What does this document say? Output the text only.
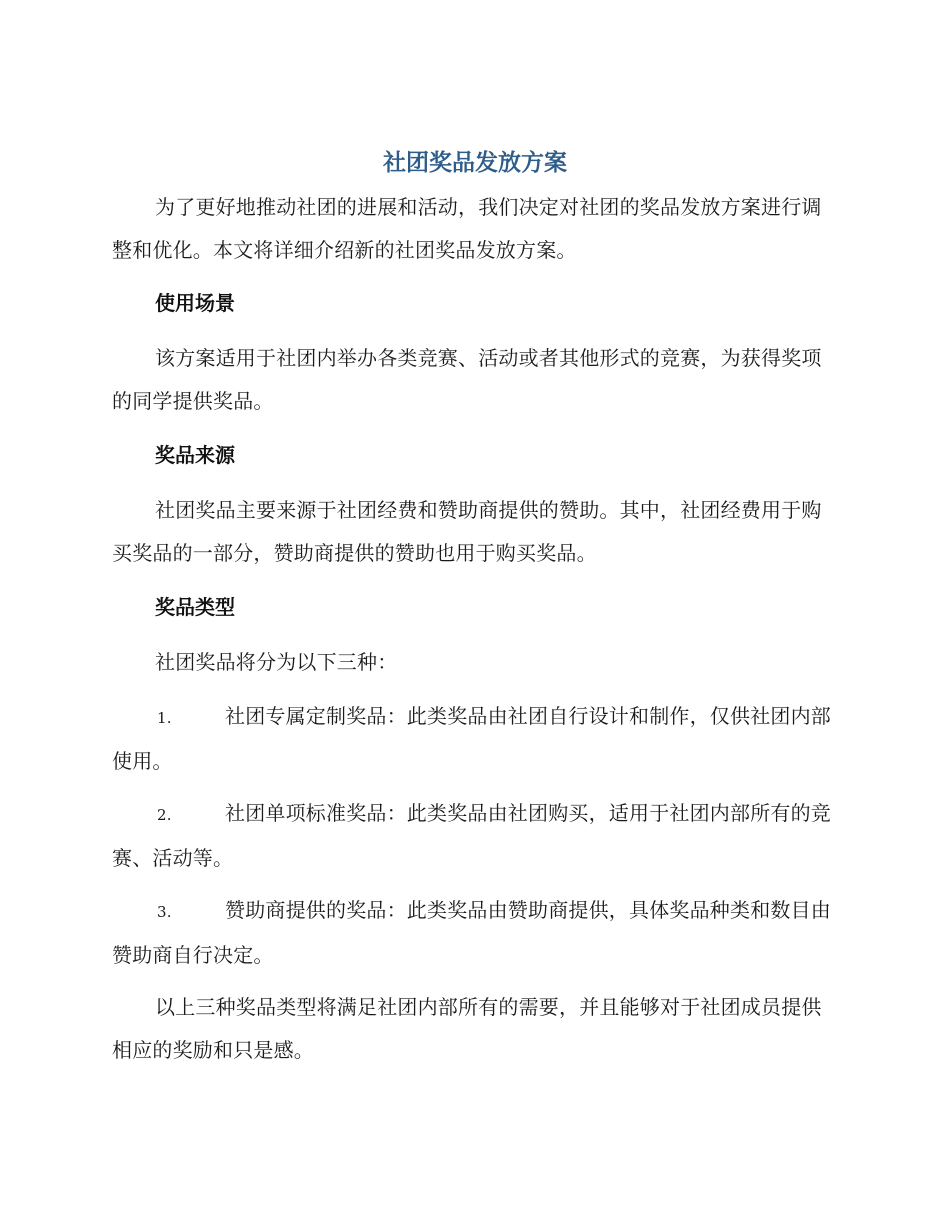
社团奖品发放方案

为了更好地推动社团的进展和活动，我们决定对社团的奖品发放方案进行调整和优化。本文将详细介绍新的社团奖品发放方案。

使用场景

该方案适用于社团内举办各类竞赛、活动或者其他形式的竞赛，为获得奖项的同学提供奖品。

奖品来源

社团奖品主要来源于社团经费和赞助商提供的赞助。其中，社团经费用于购买奖品的一部分，赞助商提供的赞助也用于购买奖品。

奖品类型

社团奖品将分为以下三种：

1.	社团专属定制奖品：此类奖品由社团自行设计和制作，仅供社团内部使用。

2.	社团单项标准奖品：此类奖品由社团购买，适用于社团内部所有的竞赛、活动等。

3.	赞助商提供的奖品：此类奖品由赞助商提供，具体奖品种类和数目由赞助商自行决定。

以上三种奖品类型将满足社团内部所有的需要，并且能够对于社团成员提供相应的奖励和只是感。
